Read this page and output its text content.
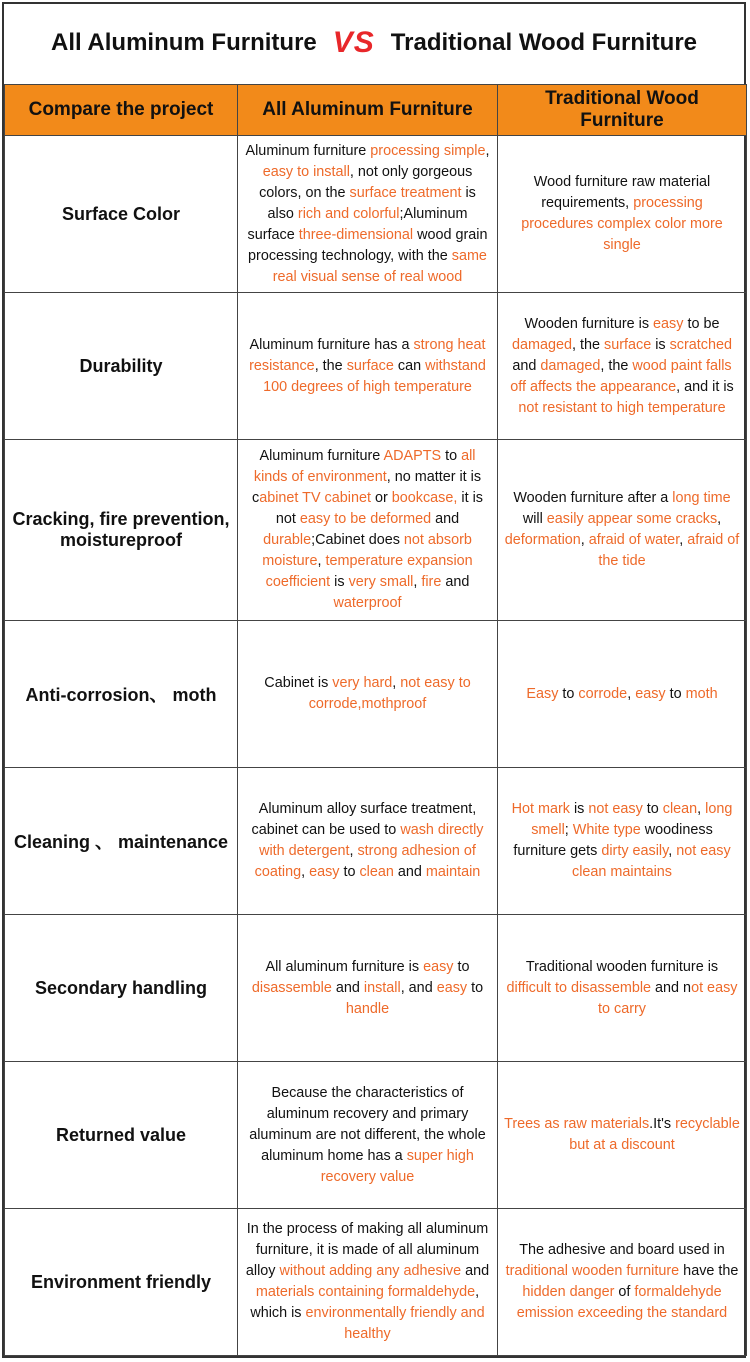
All Aluminum Furniture VS Traditional Wood Furniture
Compare the project	All Aluminum Furniture	Traditional Wood Furniture
Surface Color	Aluminum furniture processing simple, easy to install, not only gorgeous colors, on the surface treatment is also rich and colorful;Aluminum surface three-dimensional wood grain processing technology, with the same real visual sense of real wood	Wood furniture raw material requirements, processing procedures complex color more single
Durability	Aluminum furniture has a strong heat resistance, the surface can withstand 100 degrees of high temperature	Wooden furniture is easy to be damaged, the surface is scratched and damaged, the wood paint falls off affects the appearance, and it is not resistant to high temperature
Cracking, fire prevention, moistureproof	Aluminum furniture ADAPTS to all kinds of environment, no matter it is cabinet TV cabinet or bookcase, it is not easy to be deformed and durable;Cabinet does not absorb moisture, temperature expansion coefficient is very small, fire and waterproof	Wooden furniture after a long time will easily appear some cracks, deformation, afraid of water, afraid of the tide
Anti-corrosion、 moth	Cabinet is very hard, not easy to corrode,mothproof	Easy to corrode, easy to moth
Cleaning 、 maintenance	Aluminum alloy surface treatment, cabinet can be used to wash directly with detergent, strong adhesion of coating, easy to clean and maintain	Hot mark is not easy to clean, long smell; White type woodiness furniture gets dirty easily, not easy clean maintains
Secondary handling	All aluminum furniture is easy to disassemble and install, and easy to handle	Traditional wooden furniture is difficult to disassemble and not easy to carry
Returned value	Because the characteristics of aluminum recovery and primary aluminum are not different, the whole aluminum home has a super high recovery value	Trees as raw materials.It's recyclable but at a discount
Environment friendly	In the process of making all aluminum furniture, it is made of all aluminum alloy without adding any adhesive and materials containing formaldehyde, which is environmentally friendly and healthy	The adhesive and board used in traditional wooden furniture have the hidden danger of formaldehyde emission exceeding the standard
